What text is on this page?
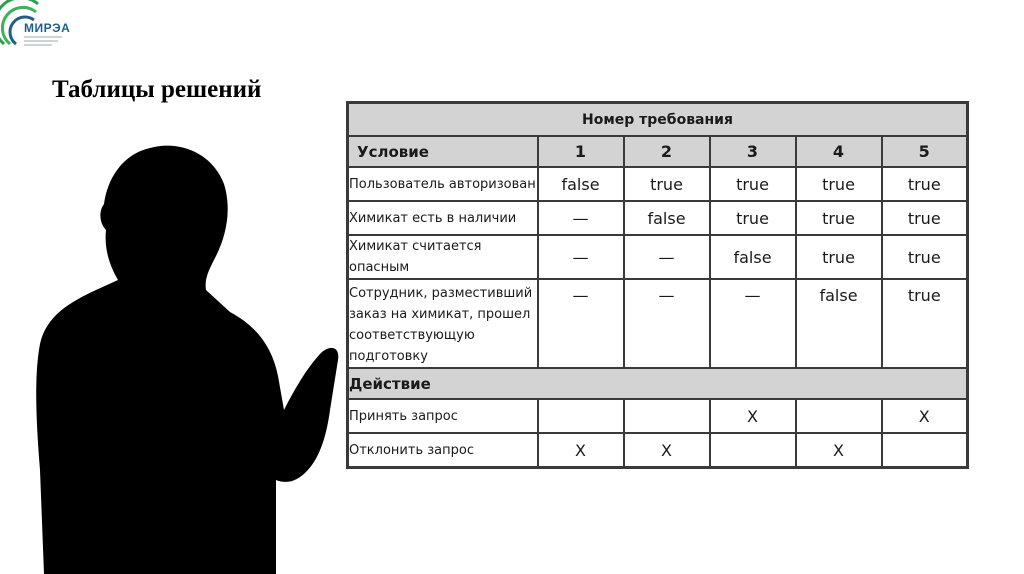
МИРЭА
Таблицы решений
Номер требования					
Условие	1	2	3	4	5
Пользователь авторизован	false	true	true	true	true
Химикат есть в наличии	—	false	true	true	true
Химикат считается опасным	—	—	false	true	true
Сотрудник, разместивший заказ на химикат, прошел соответствующую подготовку	—	—	—	false	true
Действие					
Принять запрос			X		X
Отклонить запрос	X	X		X	
